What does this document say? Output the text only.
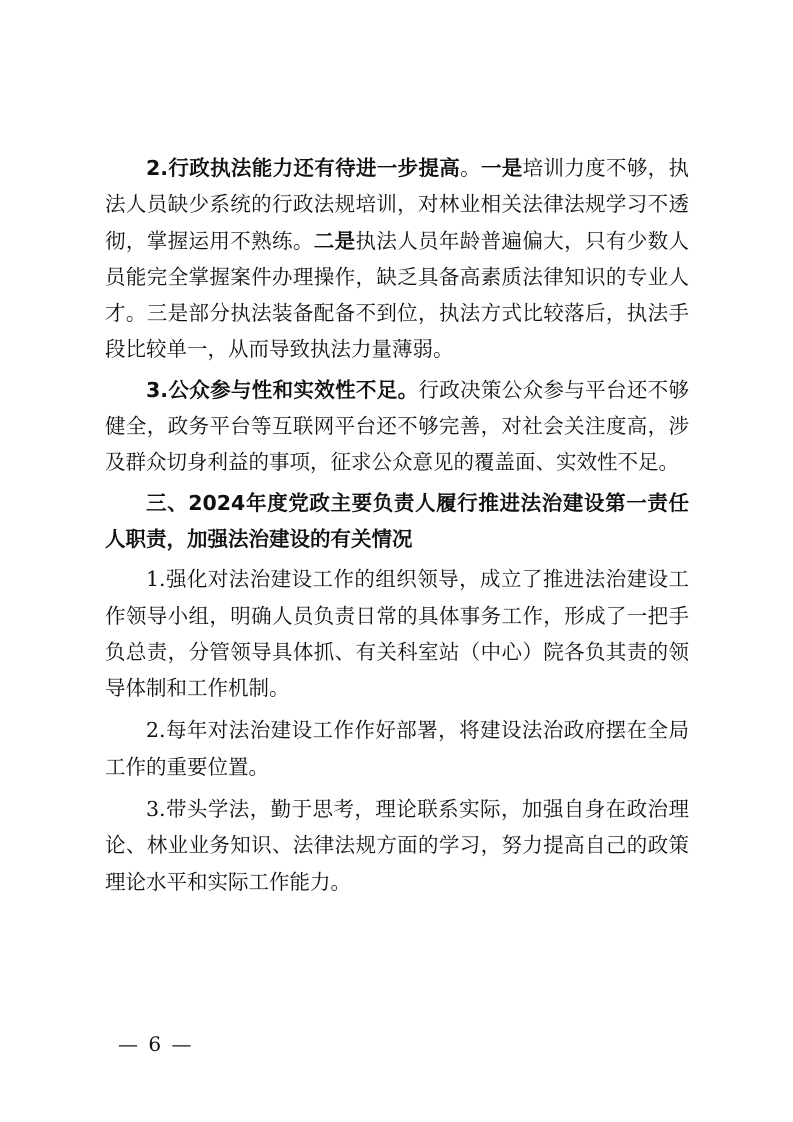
2.行政执法能力还有待进一步提高。一是培训力度不够，执法人员缺少系统的行政法规培训，对林业相关法律法规学习不透彻，掌握运用不熟练。二是执法人员年龄普遍偏大，只有少数人员能完全掌握案件办理操作，缺乏具备高素质法律知识的专业人才。三是部分执法装备配备不到位，执法方式比较落后，执法手段比较单一，从而导致执法力量薄弱。

3.公众参与性和实效性不足。行政决策公众参与平台还不够健全，政务平台等互联网平台还不够完善，对社会关注度高，涉及群众切身利益的事项，征求公众意见的覆盖面、实效性不足。

三、2024年度党政主要负责人履行推进法治建设第一责任人职责，加强法治建设的有关情况

1.强化对法治建设工作的组织领导，成立了推进法治建设工作领导小组，明确人员负责日常的具体事务工作，形成了一把手负总责，分管领导具体抓、有关科室站（中心）院各负其责的领导体制和工作机制。

2.每年对法治建设工作作好部署，将建设法治政府摆在全局工作的重要位置。

3.带头学法，勤于思考，理论联系实际，加强自身在政治理论、林业业务知识、法律法规方面的学习，努力提高自己的政策理论水平和实际工作能力。

— 6 —
